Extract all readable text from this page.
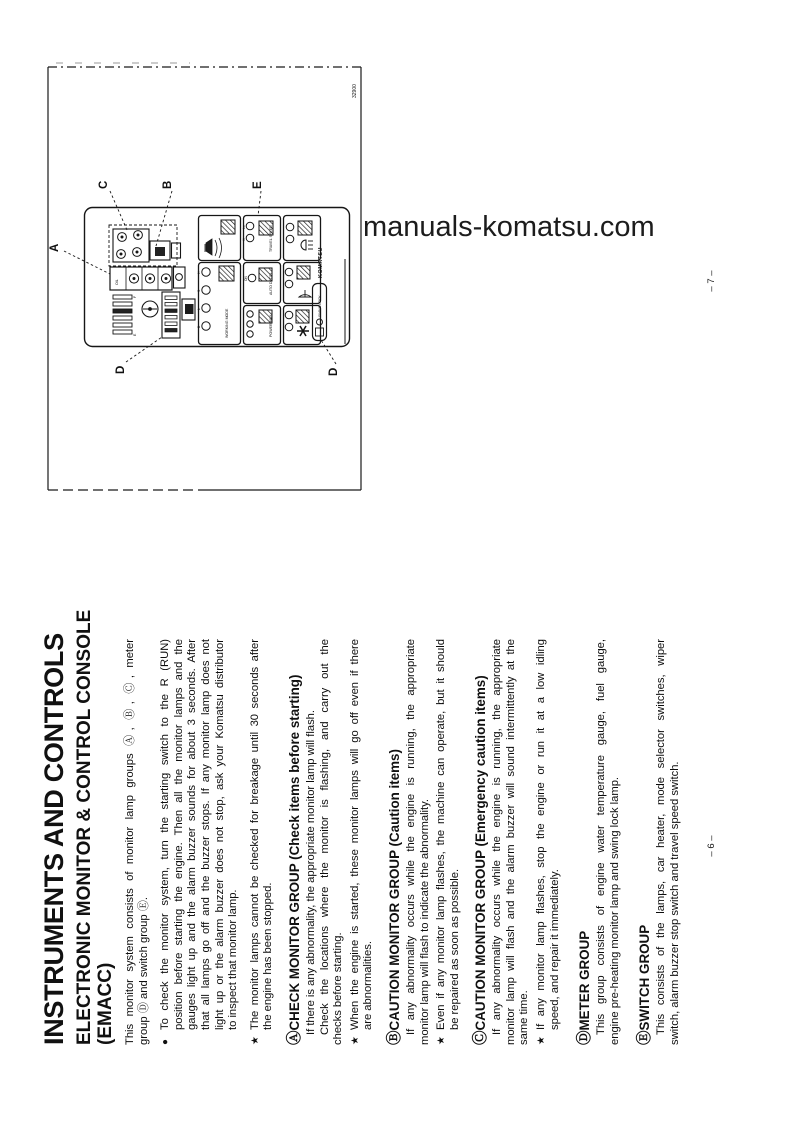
INSTRUMENTS AND CONTROLS ELECTRONIC MONITOR & CONTROL CONSOLE (EMACC) This monitor system consists of monitor lamp groups Ⓐ, Ⓑ, Ⓒ, meter group Ⓓ and switch group Ⓔ. ●
To check the monitor system, turn the starting switch to the R (RUN) position before starting the engine. Then all the monitor lamps and the gauges light up and the alarm buzzer sounds for about 3 seconds. After that all lamps go off and the buzzer stops. If any monitor lamp does not light up or the alarm buzzer does not stop, ask your Komatsu distributor to inspect that monitor lamp.
★
The monitor lamps cannot be checked for breakage until 30 seconds after the engine has been stopped.
ⒶCHECK MONITOR GROUP (Check items before starting) If there is any abnormality, the appropriate monitor lamp will flash. Check the locations where the monitor is flashing, and carry out the checks before starting. ★
When the engine is started, these monitor lamps will go off even if there are abnormalities.
ⒷCAUTION MONITOR GROUP (Caution items) If any abnormality occurs while the engine is running, the appropriate monitor lamp will flash to indicate the abnormality. ★
Even if any monitor lamp flashes, the machine can operate, but it should be repaired as soon as possible.
ⒸCAUTION MONITOR GROUP (Emergency caution items) If any abnormality occurs while the engine is running, the appropriate monitor lamp will flash and the alarm buzzer will sound intermittently at the same time. ★
If any monitor lamp flashes, stop the engine or run it at a low idling speed, and repair it immediately.
ⒹMETER GROUP This group consists of engine water temperature gauge, fuel gauge, engine pre-heating monitor lamp and swing lock lamp. ⒺSWITCH GROUP This consists of the lamps, car heater, mode selector switches, wiper switch, alarm buzzer stop switch and travel speed switch.	– 6 –
– 7 –
32900
OIL
F
E
H
S
L
B	WORKING MODE
Lo
Hi	TRAVEL SPEED
ON	AUTO DECEL.
POWER MAX.
SWING LOCK
KOMATSU
A
B
C
D	D
E
manuals-komatsu.com
